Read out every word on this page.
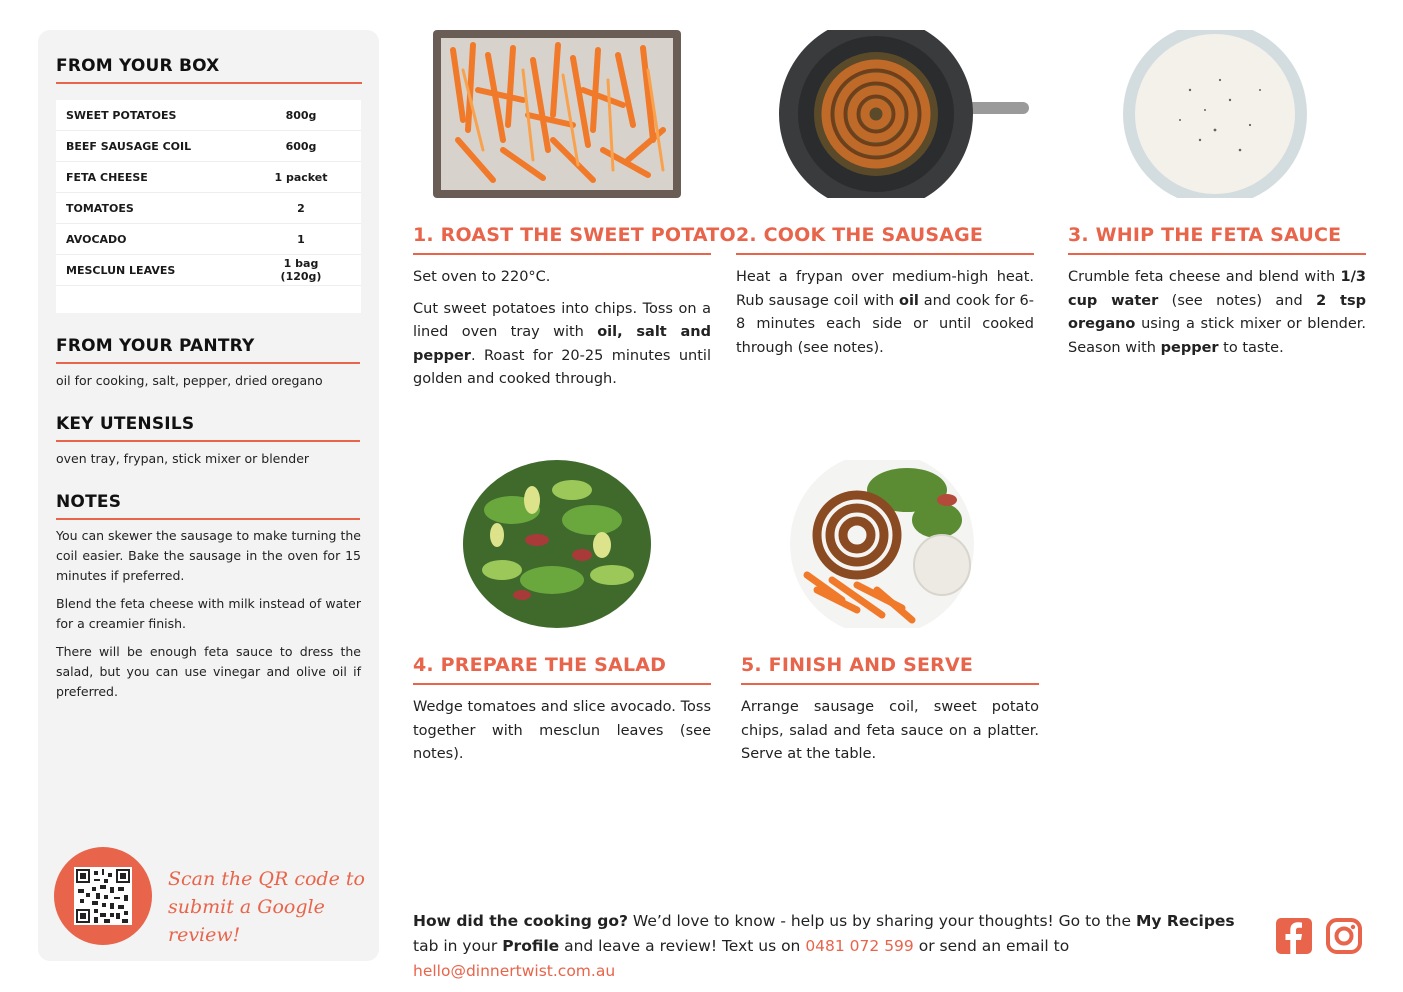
FROM YOUR BOX
SWEET POTATOES	800g
BEEF SAUSAGE COIL	600g
FETA CHEESE	1 packet
TOMATOES	2
AVOCADO	1
MESCLUN LEAVES	1 bag (120g)
FROM YOUR PANTRY
oil for cooking, salt, pepper, dried oregano
KEY UTENSILS
oven tray, frypan, stick mixer or blender
NOTES

You can skewer the sausage to make turning the coil easier. Bake the sausage in the oven for 15 minutes if preferred.

Blend the feta cheese with milk instead of water for a creamier finish.

There will be enough feta sauce to dress the salad, but you can use vinegar and olive oil if preferred.

Scan the QR code to
submit a Google review!
1. ROAST THE SWEET POTATO

Set oven to 220°C.

Cut sweet potatoes into chips. Toss on a lined oven tray with oil, salt and pepper. Roast for 20-25 minutes until golden and cooked through.

2. COOK THE SAUSAGE

Heat a frypan over medium-high heat. Rub sausage coil with oil and cook for 6-8 minutes each side or until cooked through (see notes).

3. WHIP THE FETA SAUCE

Crumble feta cheese and blend with 1/3 cup water (see notes) and 2 tsp oregano using a stick mixer or blender. Season with pepper to taste.

4. PREPARE THE SALAD

Wedge tomatoes and slice avocado. Toss together with mesclun leaves (see notes).

5. FINISH AND SERVE

Arrange sausage coil, sweet potato chips, salad and feta sauce on a platter. Serve at the table.

How did the cooking go? We’d love to know - help us by sharing your thoughts! Go to the My Recipes tab in your Profile and leave a review! Text us on 0481 072 599 or send an email to hello@dinnertwist.com.au
